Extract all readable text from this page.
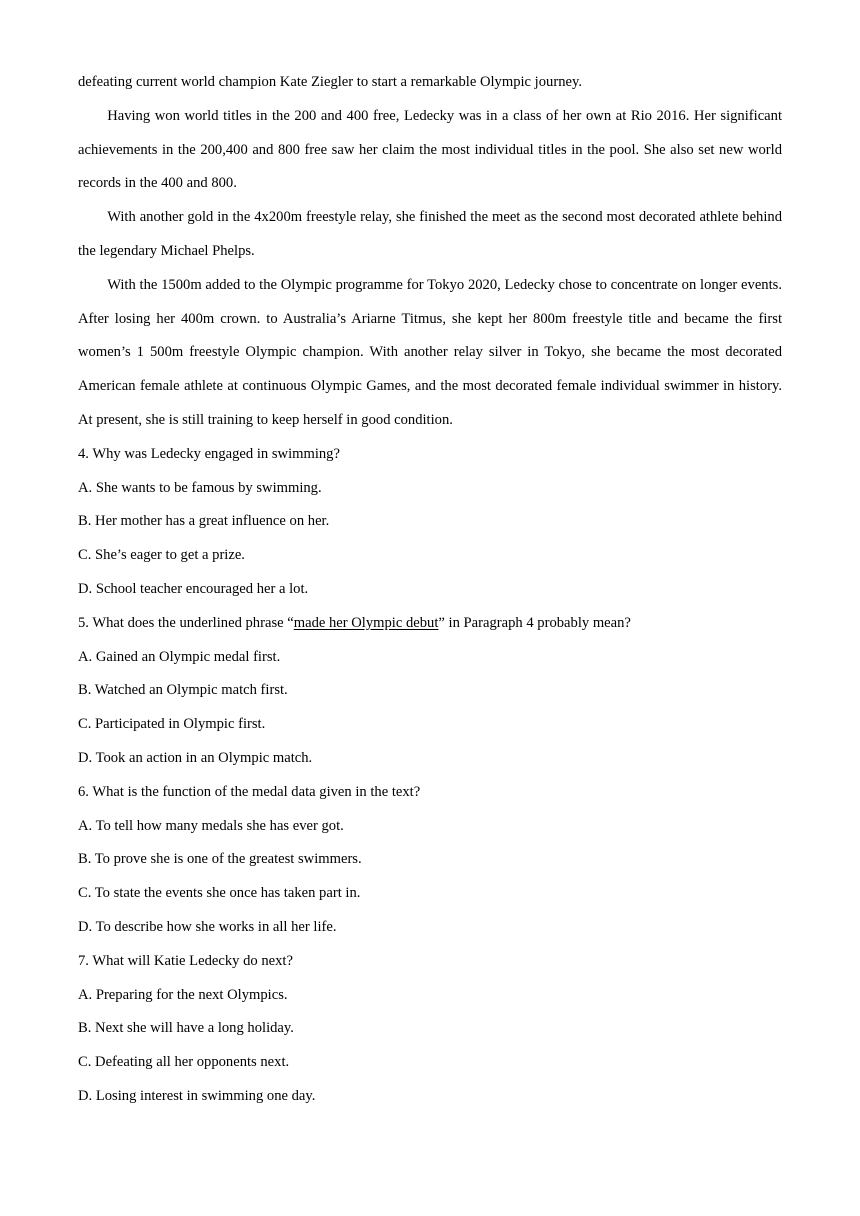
defeating current world champion Kate Ziegler to start a remarkable Olympic journey.

Having won world titles in the 200 and 400 free, Ledecky was in a class of her own at Rio 2016. Her significant achievements in the 200,400 and 800 free saw her claim the most individual titles in the pool. She also set new world records in the 400 and 800.

With another gold in the 4x200m freestyle relay, she finished the meet as the second most decorated athlete behind the legendary Michael Phelps.

With the 1500m added to the Olympic programme for Tokyo 2020, Ledecky chose to concentrate on longer events. After losing her 400m crown. to Australia’s Ariarne Titmus, she kept her 800m freestyle title and became the first women’s 1 500m freestyle Olympic champion. With another relay silver in Tokyo, she became the most decorated American female athlete at continuous Olympic Games, and the most decorated female individual swimmer in history. At present, she is still training to keep herself in good condition.

4. Why was Ledecky engaged in swimming?

A. She wants to be famous by swimming.

B. Her mother has a great influence on her.

C. She’s eager to get a prize.

D. School teacher encouraged her a lot.

5. What does the underlined phrase “made her Olympic debut” in Paragraph 4 probably mean?

A. Gained an Olympic medal first.

B. Watched an Olympic match first.

C. Participated in Olympic first.

D. Took an action in an Olympic match.

6. What is the function of the medal data given in the text?

A. To tell how many medals she has ever got.

B. To prove she is one of the greatest swimmers.

C. To state the events she once has taken part in.

D. To describe how she works in all her life.

7. What will Katie Ledecky do next?

A. Preparing for the next Olympics.

B. Next she will have a long holiday.

C. Defeating all her opponents next.

D. Losing interest in swimming one day.
